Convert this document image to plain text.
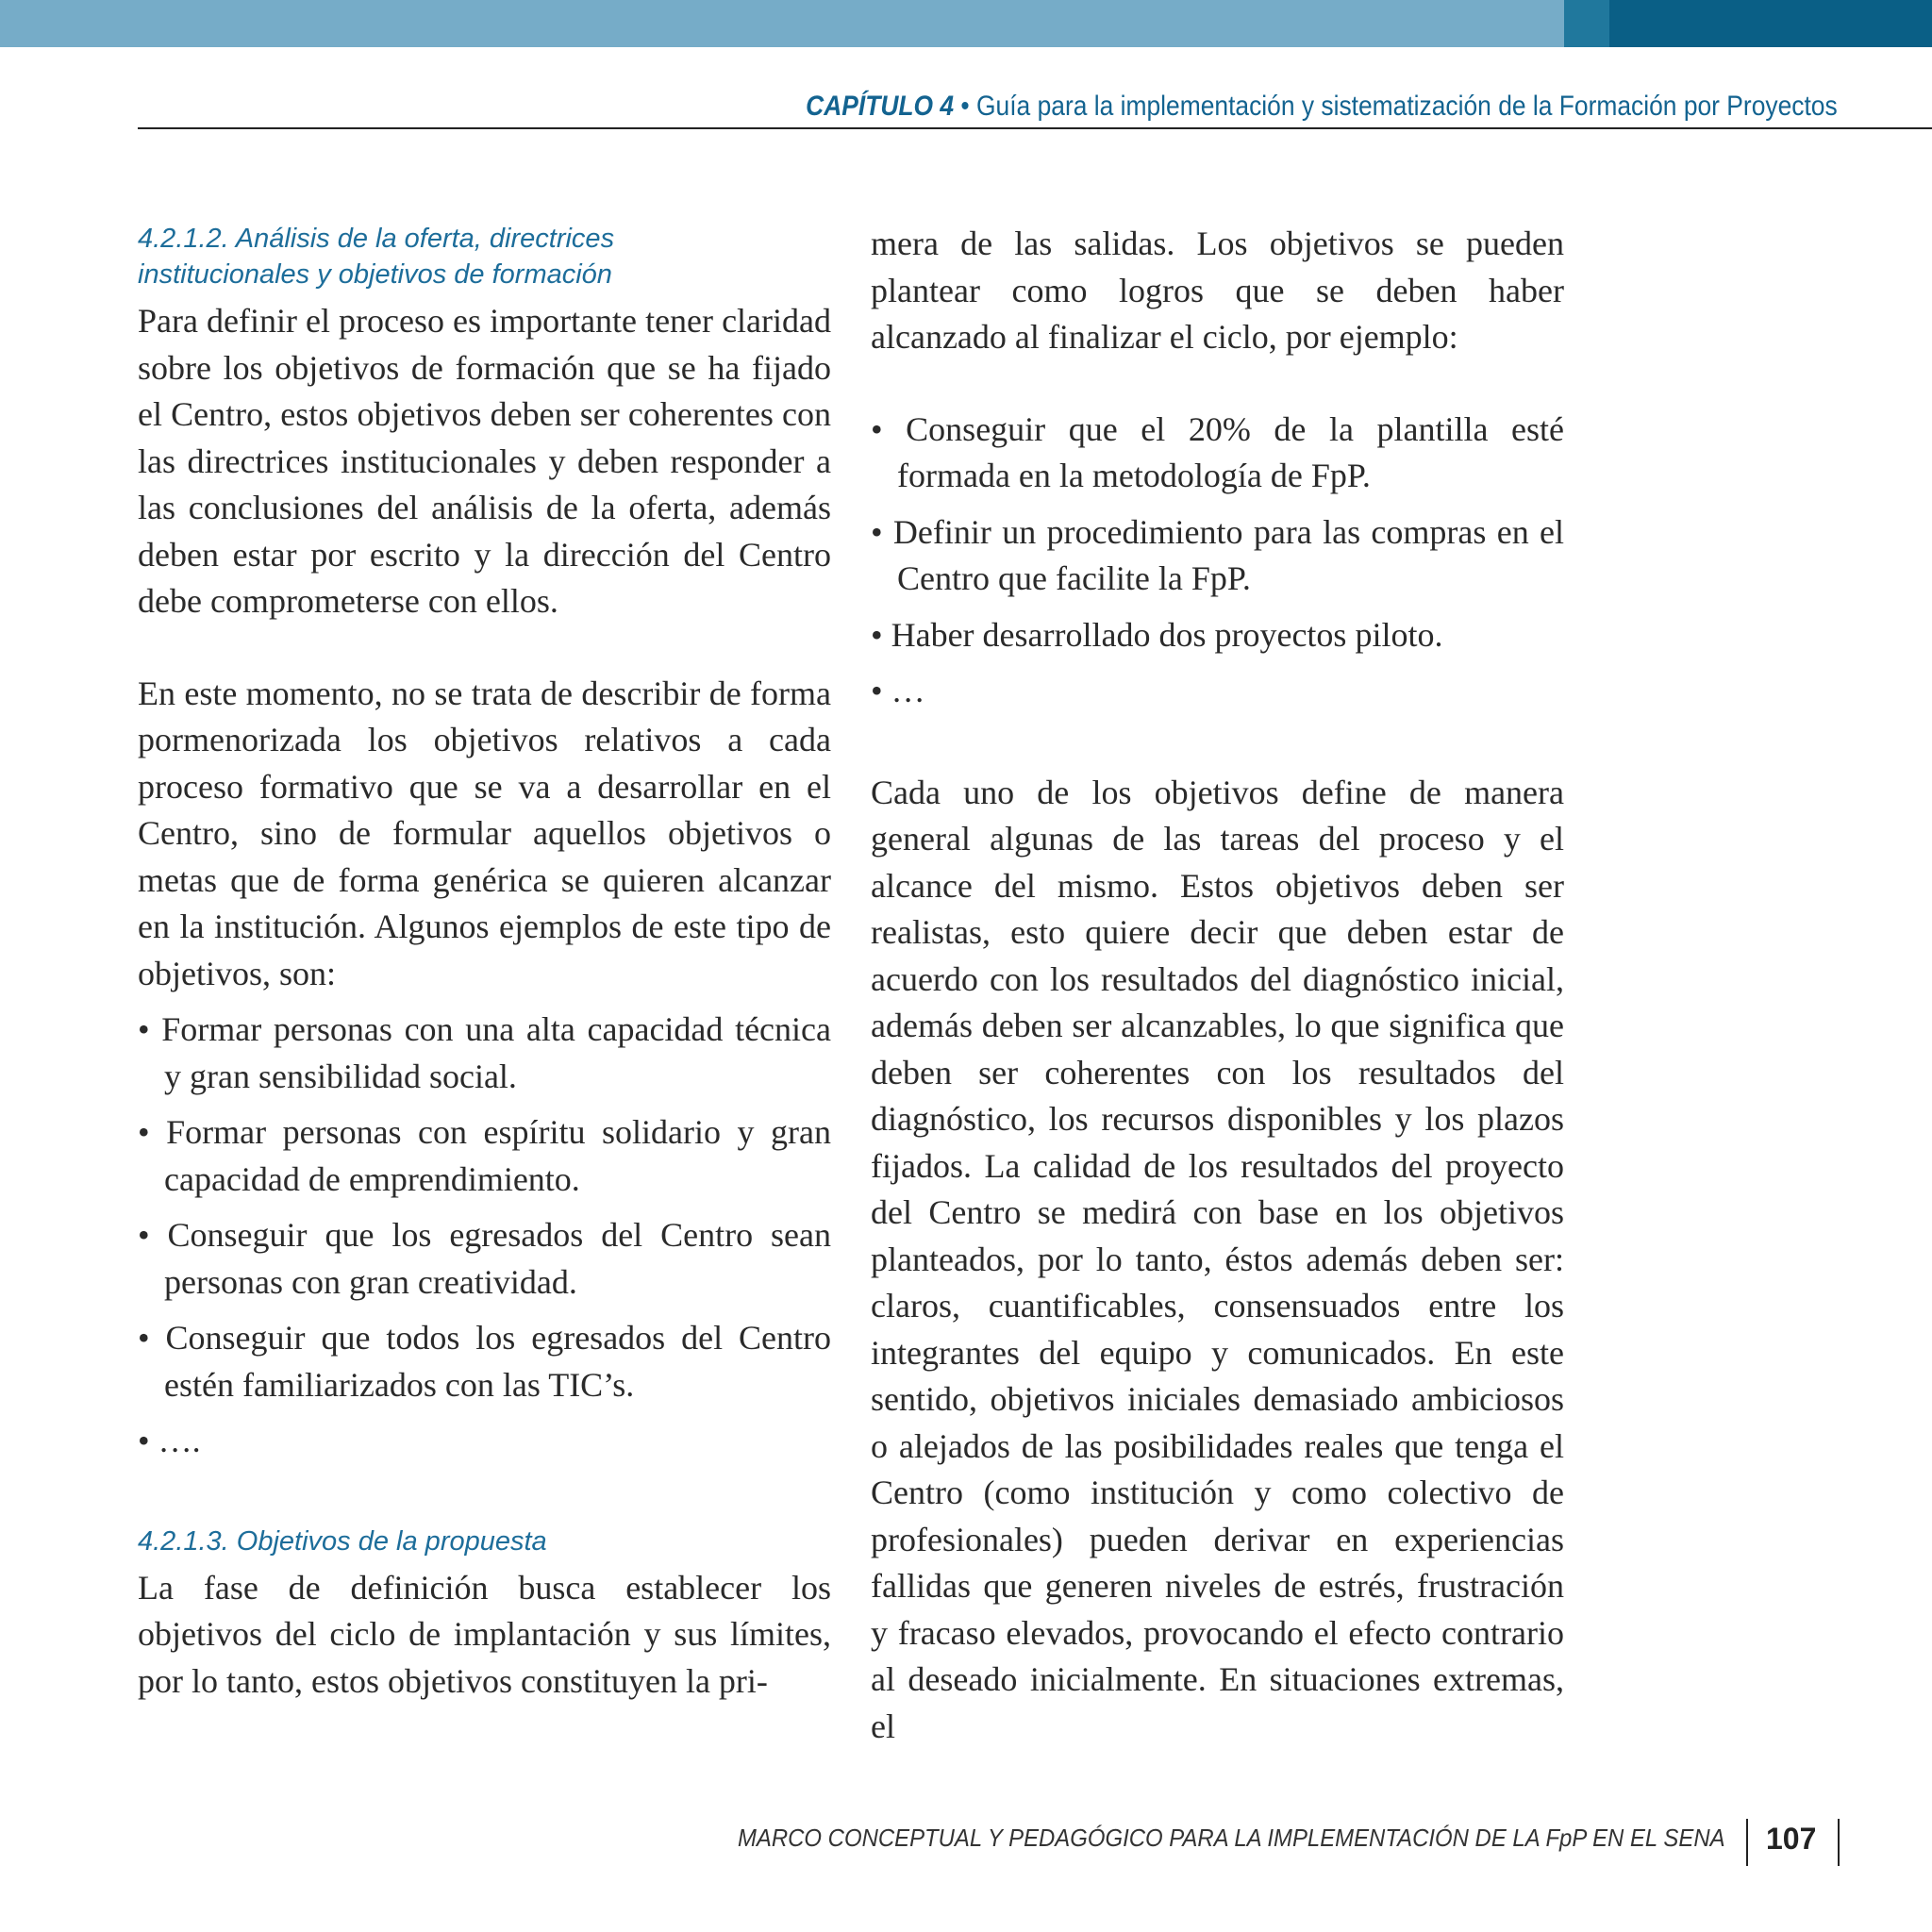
CAPÍTULO 4 • Guía para la implementación y sistematización de la Formación por Proyectos
4.2.1.2. Análisis de la oferta, directrices
institucionales y objetivos de formación

Para definir el proceso es importante tener claridad sobre los objetivos de formación que se ha fijado el Centro, estos objetivos deben ser coherentes con las directrices institucionales y deben responder a las conclusiones del análisis de la oferta, además deben estar por escrito y la dirección del Centro debe comprometerse con ellos.

En este momento, no se trata de describir de forma pormenorizada los objetivos relativos a cada proceso formativo que se va a desarrollar en el Centro, sino de formular aquellos objetivos o metas que de forma genérica se quieren alcanzar en la institución. Algunos ejemplos de este tipo de objetivos, son:

• Formar personas con una alta capacidad técnica y gran sensibilidad social.
• Formar personas con espíritu solidario y gran capacidad de emprendimiento.
• Conseguir que los egresados del Centro sean personas con gran creatividad.
• Conseguir que todos los egresados del Centro estén familiarizados con las TIC’s.
• ….
4.2.1.3. Objetivos de la propuesta

La fase de definición busca establecer los objetivos del ciclo de implantación y sus límites, por lo tanto, estos objetivos constituyen la pri-

mera de las salidas. Los objetivos se pueden plantear como logros que se deben haber alcanzado al finalizar el ciclo, por ejemplo:

• Conseguir que el 20% de la plantilla esté formada en la metodología de FpP.
• Definir un procedimiento para las compras en el Centro que facilite la FpP.
• Haber desarrollado dos proyectos piloto.
• …

Cada uno de los objetivos define de manera general algunas de las tareas del proceso y el alcance del mismo. Estos objetivos deben ser realistas, esto quiere decir que deben estar de acuerdo con los resultados del diagnóstico inicial, además deben ser alcanzables, lo que significa que deben ser coherentes con los resultados del diagnóstico, los recursos disponibles y los plazos fijados. La calidad de los resultados del proyecto del Centro se medirá con base en los objetivos planteados, por lo tanto, éstos además deben ser: claros, cuantificables, consensuados entre los integrantes del equipo y comunicados. En este sentido, objetivos iniciales demasiado ambiciosos o alejados de las posibilidades reales que tenga el Centro (como institución y como colectivo de profesionales) pueden derivar en experiencias fallidas que generen niveles de estrés, frustración y fracaso elevados, provocando el efecto contrario al deseado inicialmente. En situaciones extremas, el

MARCO CONCEPTUAL Y PEDAGÓGICO PARA LA IMPLEMENTACIÓN DE LA FpP EN EL SENA 107
